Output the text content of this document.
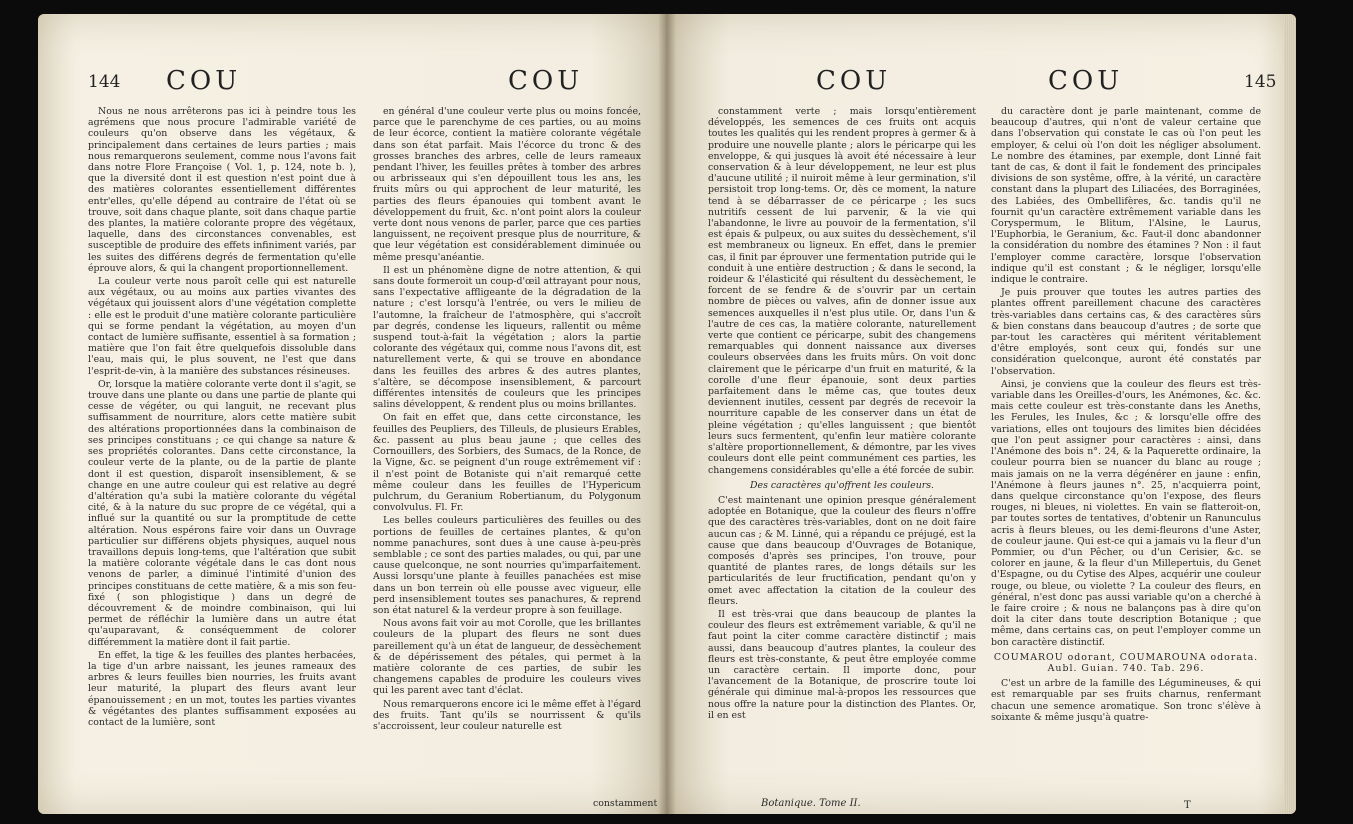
144 COU	COU

Nous ne nous arrêterons pas ici à peindre tous les agrémens que nous procure l'admirable variété de couleurs qu'on observe dans les végétaux, & principalement dans certaines de leurs parties ; mais nous remarquerons seulement, comme nous l'avons fait dans notre Flore Françoise ( Vol. 1, p. 124, note b. ), que la diversité dont il est question n'est point due à des matières colorantes essentiellement différentes entr'elles, qu'elle dépend au contraire de l'état où se trouve, soit dans chaque plante, soit dans chaque partie des plantes, la matière colorante propre des végétaux, laquelle, dans des circonstances convenables, est susceptible de produire des effets infiniment variés, par les suites des différens degrés de fermentation qu'elle éprouve alors, & qui la changent proportionnellement.

La couleur verte nous paroît celle qui est naturelle aux végétaux, ou au moins aux parties vivantes des végétaux qui jouissent alors d'une végétation complette : elle est le produit d'une matière colorante particulière qui se forme pendant la végétation, au moyen d'un contact de lumière suffisante, essentiel à sa formation ; matière que l'on fait être quelquefois dissoluble dans l'eau, mais qui, le plus souvent, ne l'est que dans l'esprit-de-vin, à la manière des substances résineuses.

Or, lorsque la matière colorante verte dont il s'agit, se trouve dans une plante ou dans une partie de plante qui cesse de végéter, ou qui languit, ne recevant plus suffisamment de nourriture, alors cette matière subit des altérations proportionnées dans la combinaison de ses principes constituans ; ce qui change sa nature & ses propriétés colorantes. Dans cette circonstance, la couleur verte de la plante, ou de la partie de plante dont il est question, disparoît insensiblement, & se change en une autre couleur qui est relative au degré d'altération qu'a subi la matière colorante du végétal cité, & à la nature du suc propre de ce végétal, qui a influé sur la quantité ou sur la promptitude de cette altération. Nous espérons faire voir dans un Ouvrage particulier sur différens objets physiques, auquel nous travaillons depuis long-tems, que l'altération que subit la matière colorante végétale dans le cas dont nous venons de parler, a diminué l'intimité d'union des principes constituans de cette matière, & a mis son feu-fixé ( son phlogistique ) dans un degré de découvrement & de moindre combinaison, qui lui permet de réfléchir la lumière dans un autre état qu'auparavant, & conséquemment de colorer différemment la matière dont il fait partie.

En effet, la tige & les feuilles des plantes herbacées, la tige d'un arbre naissant, les jeunes rameaux des arbres & leurs feuilles bien nourries, les fruits avant leur maturité, la plupart des fleurs avant leur épanouissement ; en un mot, toutes les parties vivantes & végétantes des plantes suffisamment exposées au contact de la lumière, sont

en général d'une couleur verte plus ou moins foncée, parce que le parenchyme de ces parties, ou au moins de leur écorce, contient la matière colorante végétale dans son état parfait. Mais l'écorce du tronc & des grosses branches des arbres, celle de leurs rameaux pendant l'hiver, les feuilles prêtes à tomber des arbres ou arbrisseaux qui s'en dépouillent tous les ans, les fruits mûrs ou qui approchent de leur maturité, les parties des fleurs épanouies qui tombent avant le développement du fruit, &c. n'ont point alors la couleur verte dont nous venons de parler, parce que ces parties languissent, ne reçoivent presque plus de nourriture, & que leur végétation est considérablement diminuée ou même presqu'anéantie.

Il est un phénomène digne de notre attention, & qui sans doute formeroit un coup-d'œil attrayant pour nous, sans l'expectative affligeante de la dégradation de la nature ; c'est lorsqu'à l'entrée, ou vers le milieu de l'automne, la fraîcheur de l'atmosphère, qui s'accroît par degrés, condense les liqueurs, rallentit ou même suspend tout-à-fait la végétation ; alors la partie colorante des végétaux qui, comme nous l'avons dit, est naturellement verte, & qui se trouve en abondance dans les feuilles des arbres & des autres plantes, s'altère, se décompose insensiblement, & parcourt différentes intensités de couleurs que les principes salins développent, & rendent plus ou moins brillantes.

On fait en effet que, dans cette circonstance, les feuilles des Peupliers, des Tilleuls, de plusieurs Erables, &c. passent au plus beau jaune ; que celles des Cornouillers, des Sorbiers, des Sumacs, de la Ronce, de la Vigne, &c. se peignent d'un rouge extrêmement vif : il n'est point de Botaniste qui n'ait remarqué cette même couleur dans les feuilles de l'Hypericum pulchrum, du Geranium Robertianum, du Polygonum convolvulus. Fl. Fr.

Les belles couleurs particulières des feuilles ou des portions de feuilles de certaines plantes, & qu'on nomme panachures, sont dues à une cause à-peu-près semblable ; ce sont des parties malades, ou qui, par une cause quelconque, ne sont nourries qu'imparfaitement. Aussi lorsqu'une plante à feuilles panachées est mise dans un bon terrein où elle pousse avec vigueur, elle perd insensiblement toutes ses panachures, & reprend son état naturel & la verdeur propre à son feuillage.

Nous avons fait voir au mot Corolle, que les brillantes couleurs de la plupart des fleurs ne sont dues pareillement qu'à un état de langueur, de dessèchement & de dépérissement des pétales, qui permet à la matière colorante de ces parties, de subir les changemens capables de produire les couleurs vives qui les parent avec tant d'éclat.

Nous remarquerons encore ici le même effet à l'égard des fruits. Tant qu'ils se nourrissent & qu'ils s'accroissent, leur couleur naturelle est

constamment
COU	COU	145

constamment verte ; mais lorsqu'entièrement développés, les semences de ces fruits ont acquis toutes les qualités qui les rendent propres à germer & à produire une nouvelle plante ; alors le péricarpe qui les enveloppe, & qui jusques là avoit été nécessaire à leur conservation & à leur développement, ne leur est plus d'aucune utilité ; il nuiroit même à leur germination, s'il persistoit trop long-tems. Or, dès ce moment, la nature tend à se débarrasser de ce péricarpe ; les sucs nutritifs cessent de lui parvenir, & la vie qui l'abandonne, le livre au pouvoir de la fermentation, s'il est épais & pulpeux, ou aux suites du dessèchement, s'il est membraneux ou ligneux. En effet, dans le premier cas, il finit par éprouver une fermentation putride qui le conduit à une entière destruction ; & dans le second, la roideur & l'élasticité qui résultent du dessèchement, le forcent de se fendre & de s'ouvrir par un certain nombre de pièces ou valves, afin de donner issue aux semences auxquelles il n'est plus utile. Or, dans l'un & l'autre de ces cas, la matière colorante, naturellement verte que contient ce péricarpe, subit des changemens remarquables qui donnent naissance aux diverses couleurs observées dans les fruits mûrs. On voit donc clairement que le péricarpe d'un fruit en maturité, & la corolle d'une fleur épanouie, sont deux parties parfaitement dans le même cas, que toutes deux deviennent inutiles, cessent par degrés de recevoir la nourriture capable de les conserver dans un état de pleine végétation ; qu'elles languissent ; que bientôt leurs sucs fermentent, qu'enfin leur matière colorante s'altère proportionnellement, & démontre, par les vives couleurs dont elle peint communément ces parties, les changemens considérables qu'elle a été forcée de subir.

Des caractères qu'offrent les couleurs.

C'est maintenant une opinion presque généralement adoptée en Botanique, que la couleur des fleurs n'offre que des caractères très-variables, dont on ne doit faire aucun cas ; & M. Linné, qui a répandu ce préjugé, est la cause que dans beaucoup d'Ouvrages de Botanique, composés d'après ses principes, l'on trouve, pour quantité de plantes rares, de longs détails sur les particularités de leur fructification, pendant qu'on y omet avec affectation la citation de la couleur des fleurs.

Il est très-vrai que dans beaucoup de plantes la couleur des fleurs est extrêmement variable, & qu'il ne faut point la citer comme caractère distinctif ; mais aussi, dans beaucoup d'autres plantes, la couleur des fleurs est très-constante, & peut être employée comme un caractère certain. Il importe donc, pour l'avancement de la Botanique, de proscrire toute loi générale qui diminue mal-à-propos les ressources que nous offre la nature pour la distinction des Plantes. Or, il en est

Botanique. Tome II.

du caractère dont je parle maintenant, comme de beaucoup d'autres, qui n'ont de valeur certaine que dans l'observation qui constate le cas où l'on peut les employer, & celui où l'on doit les négliger absolument. Le nombre des étamines, par exemple, dont Linné fait tant de cas, & dont il fait le fondement des principales divisions de son systême, offre, à la vérité, un caractère constant dans la plupart des Liliacées, des Borraginées, des Labiées, des Ombellifères, &c. tandis qu'il ne fournit qu'un caractère extrêmement variable dans les Coryspermum, le Blitum, l'Alsine, le Laurus, l'Euphorbia, le Geranium, &c. Faut-il donc abandonner la considération du nombre des étamines ? Non : il faut l'employer comme caractère, lorsque l'observation indique qu'il est constant ; & le négliger, lorsqu'elle indique le contraire.

Je puis prouver que toutes les autres parties des plantes offrent pareillement chacune des caractères très-variables dans certains cas, & des caractères sûrs & bien constans dans beaucoup d'autres ; de sorte que par-tout les caractères qui méritent véritablement d'être employés, sont ceux qui, fondés sur une considération quelconque, auront été constatés par l'observation.

Ainsi, je conviens que la couleur des fleurs est très-variable dans les Oreilles-d'ours, les Anémones, &c. &c. mais cette couleur est très-constante dans les Aneths, les Ferules, les Inules, &c ; & lorsqu'elle offre des variations, elles ont toujours des limites bien décidées que l'on peut assigner pour caractères : ainsi, dans l'Anémone des bois n°. 24, & la Paquerette ordinaire, la couleur pourra bien se nuancer du blanc au rouge ; mais jamais on ne la verra dégénérer en jaune : enfin, l'Anémone à fleurs jaunes n°. 25, n'acquierra point, dans quelque circonstance qu'on l'expose, des fleurs rouges, ni bleues, ni violettes. En vain se flatteroit-on, par toutes sortes de tentatives, d'obtenir un Ranunculus acris à fleurs bleues, ou les demi-fleurons d'une Aster, de couleur jaune. Qui est-ce qui a jamais vu la fleur d'un Pommier, ou d'un Pêcher, ou d'un Cerisier, &c. se colorer en jaune, & la fleur d'un Millepertuis, du Genet d'Espagne, ou du Cytise des Alpes, acquérir une couleur rouge, ou bleue, ou violette ? La couleur des fleurs, en général, n'est donc pas aussi variable qu'on a cherché à le faire croire ; & nous ne balançons pas à dire qu'on doit la citer dans toute description Botanique ; que même, dans certains cas, on peut l'employer comme un bon caractère distinctif.

COUMAROU odorant, COUMAROUNA odorata. Aubl. Guian. 740. Tab. 296.

C'est un arbre de la famille des Légumineuses, & qui est remarquable par ses fruits charnus, renfermant chacun une semence aromatique. Son tronc s'élève à soixante & même jusqu'à quatre-

T
